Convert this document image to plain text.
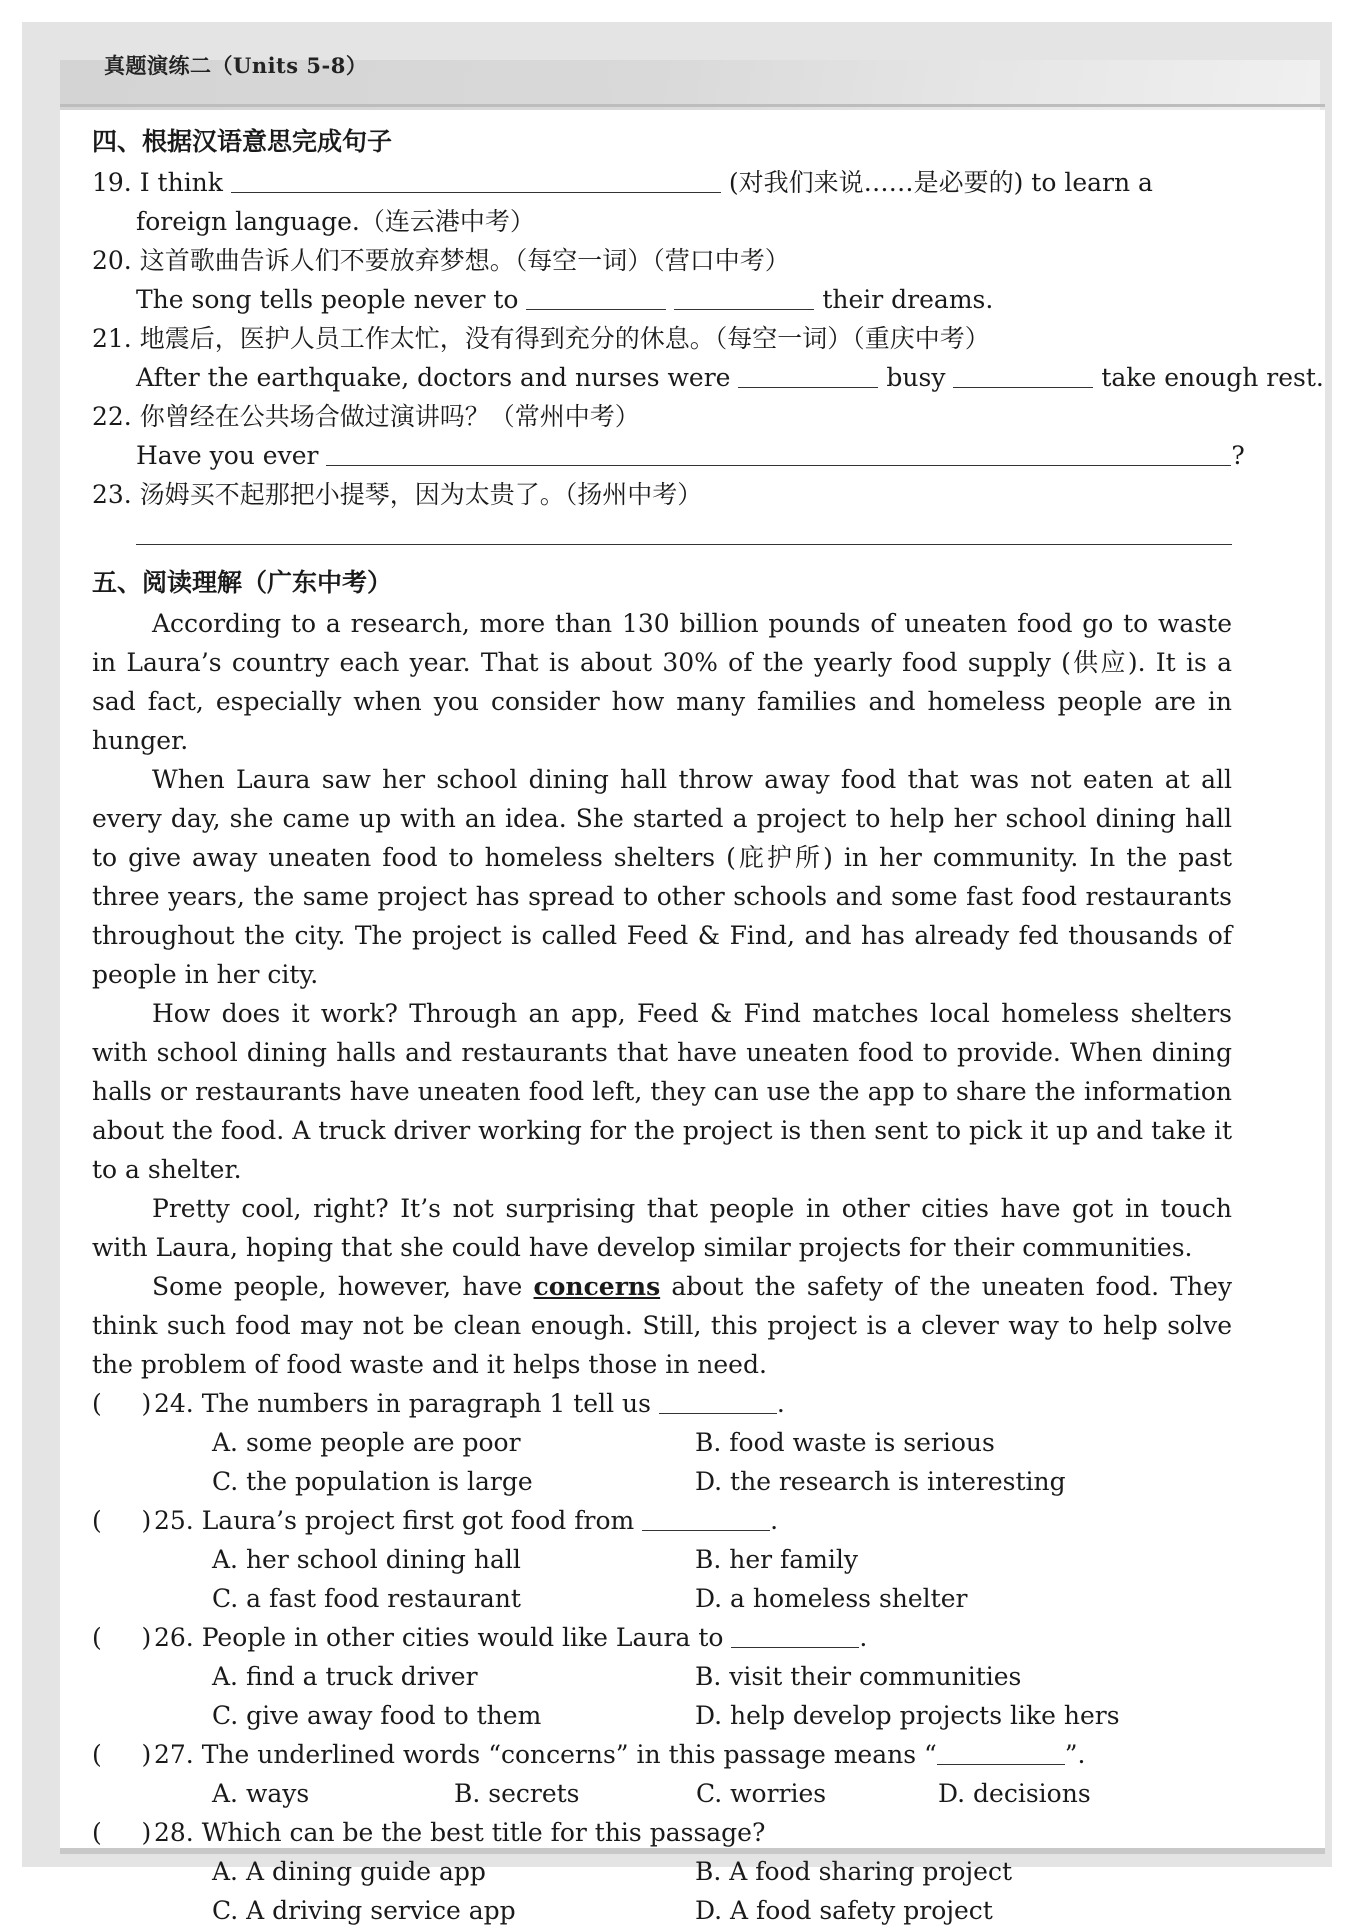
真题演练二（Units 5-8）
四、根据汉语意思完成句子
19. I think	(对我们来说……是必要的) to learn a
foreign language.（连云港中考）
20. 这首歌曲告诉人们不要放弃梦想。（每空一词）（营口中考）
The song tells people never to	their dreams.
21. 地震后，医护人员工作太忙，没有得到充分的休息。（每空一词）（重庆中考）
After the earthquake, doctors and nurses were	busy	take enough rest.
22. 你曾经在公共场合做过演讲吗？（常州中考）
Have you ever	?
23. 汤姆买不起那把小提琴，因为太贵了。（扬州中考）
五、阅读理解（广东中考）

According to a research, more than 130 billion pounds of uneaten food go to waste in Laura’s country each year. That is about 30% of the yearly food supply (供应). It is a sad fact, especially when you consider how many families and homeless people are in hunger.

When Laura saw her school dining hall throw away food that was not eaten at all every day, she came up with an idea. She started a project to help her school dining hall to give away uneaten food to homeless shelters (庇护所) in her community. In the past three years, the same project has spread to other schools and some fast food restaurants throughout the city. The project is called Feed & Find, and has already fed thousands of people in her city.

How does it work? Through an app, Feed & Find matches local homeless shelters with school dining halls and restaurants that have uneaten food to provide. When dining halls or restaurants have uneaten food left, they can use the app to share the information about the food. A truck driver working for the project is then sent to pick it up and take it to a shelter.

Pretty cool, right? It’s not surprising that people in other cities have got in touch with Laura, hoping that she could have develop similar projects for their communities.

Some people, however, have concerns about the safety of the uneaten food. They think such food may not be clean enough. Still, this project is a clever way to help solve the problem of food waste and it helps those in need.

( ) 24. The numbers in paragraph 1 tell us	.
A. some people are poor	B. food waste is serious
C. the population is large	D. the research is interesting
( ) 25. Laura’s project first got food from	.
A. her school dining hall	B. her family
C. a fast food restaurant	D. a homeless shelter
( ) 26. People in other cities would like Laura to	.
A. find a truck driver	B. visit their communities
C. give away food to them	D. help develop projects like hers
( ) 27. The underlined words “concerns” in this passage means “	”.
A. ways	B. secrets	C. worries	D. decisions
( ) 28. Which can be the best title for this passage?
A. A dining guide app	B. A food sharing project
C. A driving service app	D. A food safety project
